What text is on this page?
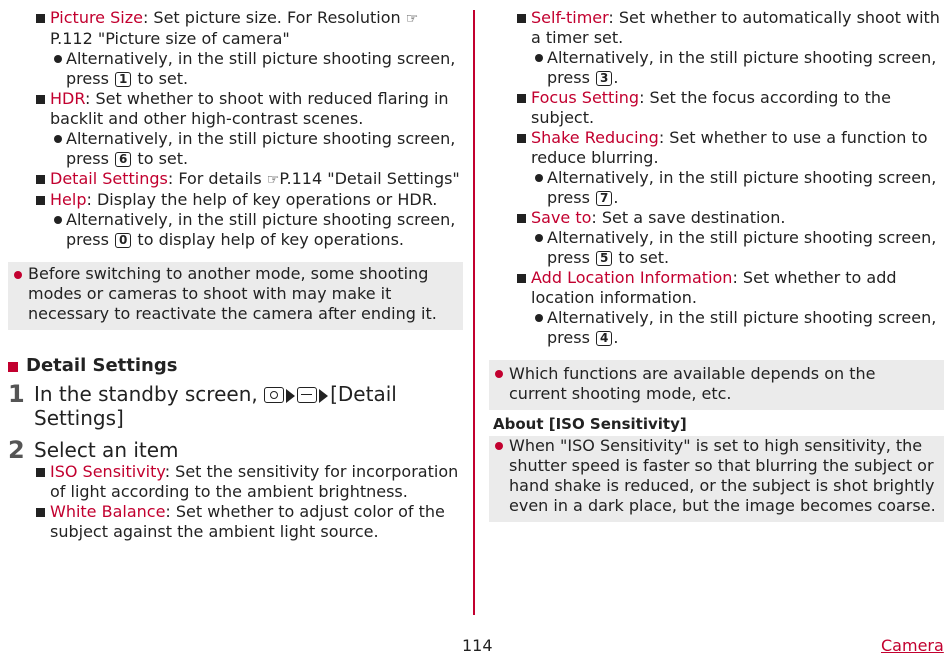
Picture Size: Set picture size. For Resolution ☞
P.112 "Picture size of camera"
Alternatively, in the still picture shooting screen, press 1 to set.
HDR: Set whether to shoot with reduced flaring in backlit and other high-contrast scenes.
Alternatively, in the still picture shooting screen, press 6 to set.
Detail Settings: For details ☞P.114 "Detail Settings"
Help: Display the help of key operations or HDR.
Alternatively, in the still picture shooting screen, press 0 to display help of key operations.
Before switching to another mode, some shooting modes or cameras to shoot with may make it necessary to reactivate the camera after ending it.
Detail Settings
1 In the standby screen,	[Detail Settings]
2 Select an item
ISO Sensitivity: Set the sensitivity for incorporation of light according to the ambient brightness.
White Balance: Set whether to adjust color of the subject against the ambient light source.
Self-timer: Set whether to automatically shoot with a timer set.
Alternatively, in the still picture shooting screen, press 3 .
Focus Setting: Set the focus according to the subject.
Shake Reducing: Set whether to use a function to reduce blurring.
Alternatively, in the still picture shooting screen, press 7 .
Save to: Set a save destination.
Alternatively, in the still picture shooting screen, press 5 to set.
Add Location Information: Set whether to add location information.
Alternatively, in the still picture shooting screen, press 4 .
Which functions are available depends on the current shooting mode, etc.
About [ISO Sensitivity]
When "ISO Sensitivity" is set to high sensitivity, the shutter speed is faster so that blurring the subject or hand shake is reduced, or the subject is shot brightly even in a dark place, but the image becomes coarse.
114	Camera
